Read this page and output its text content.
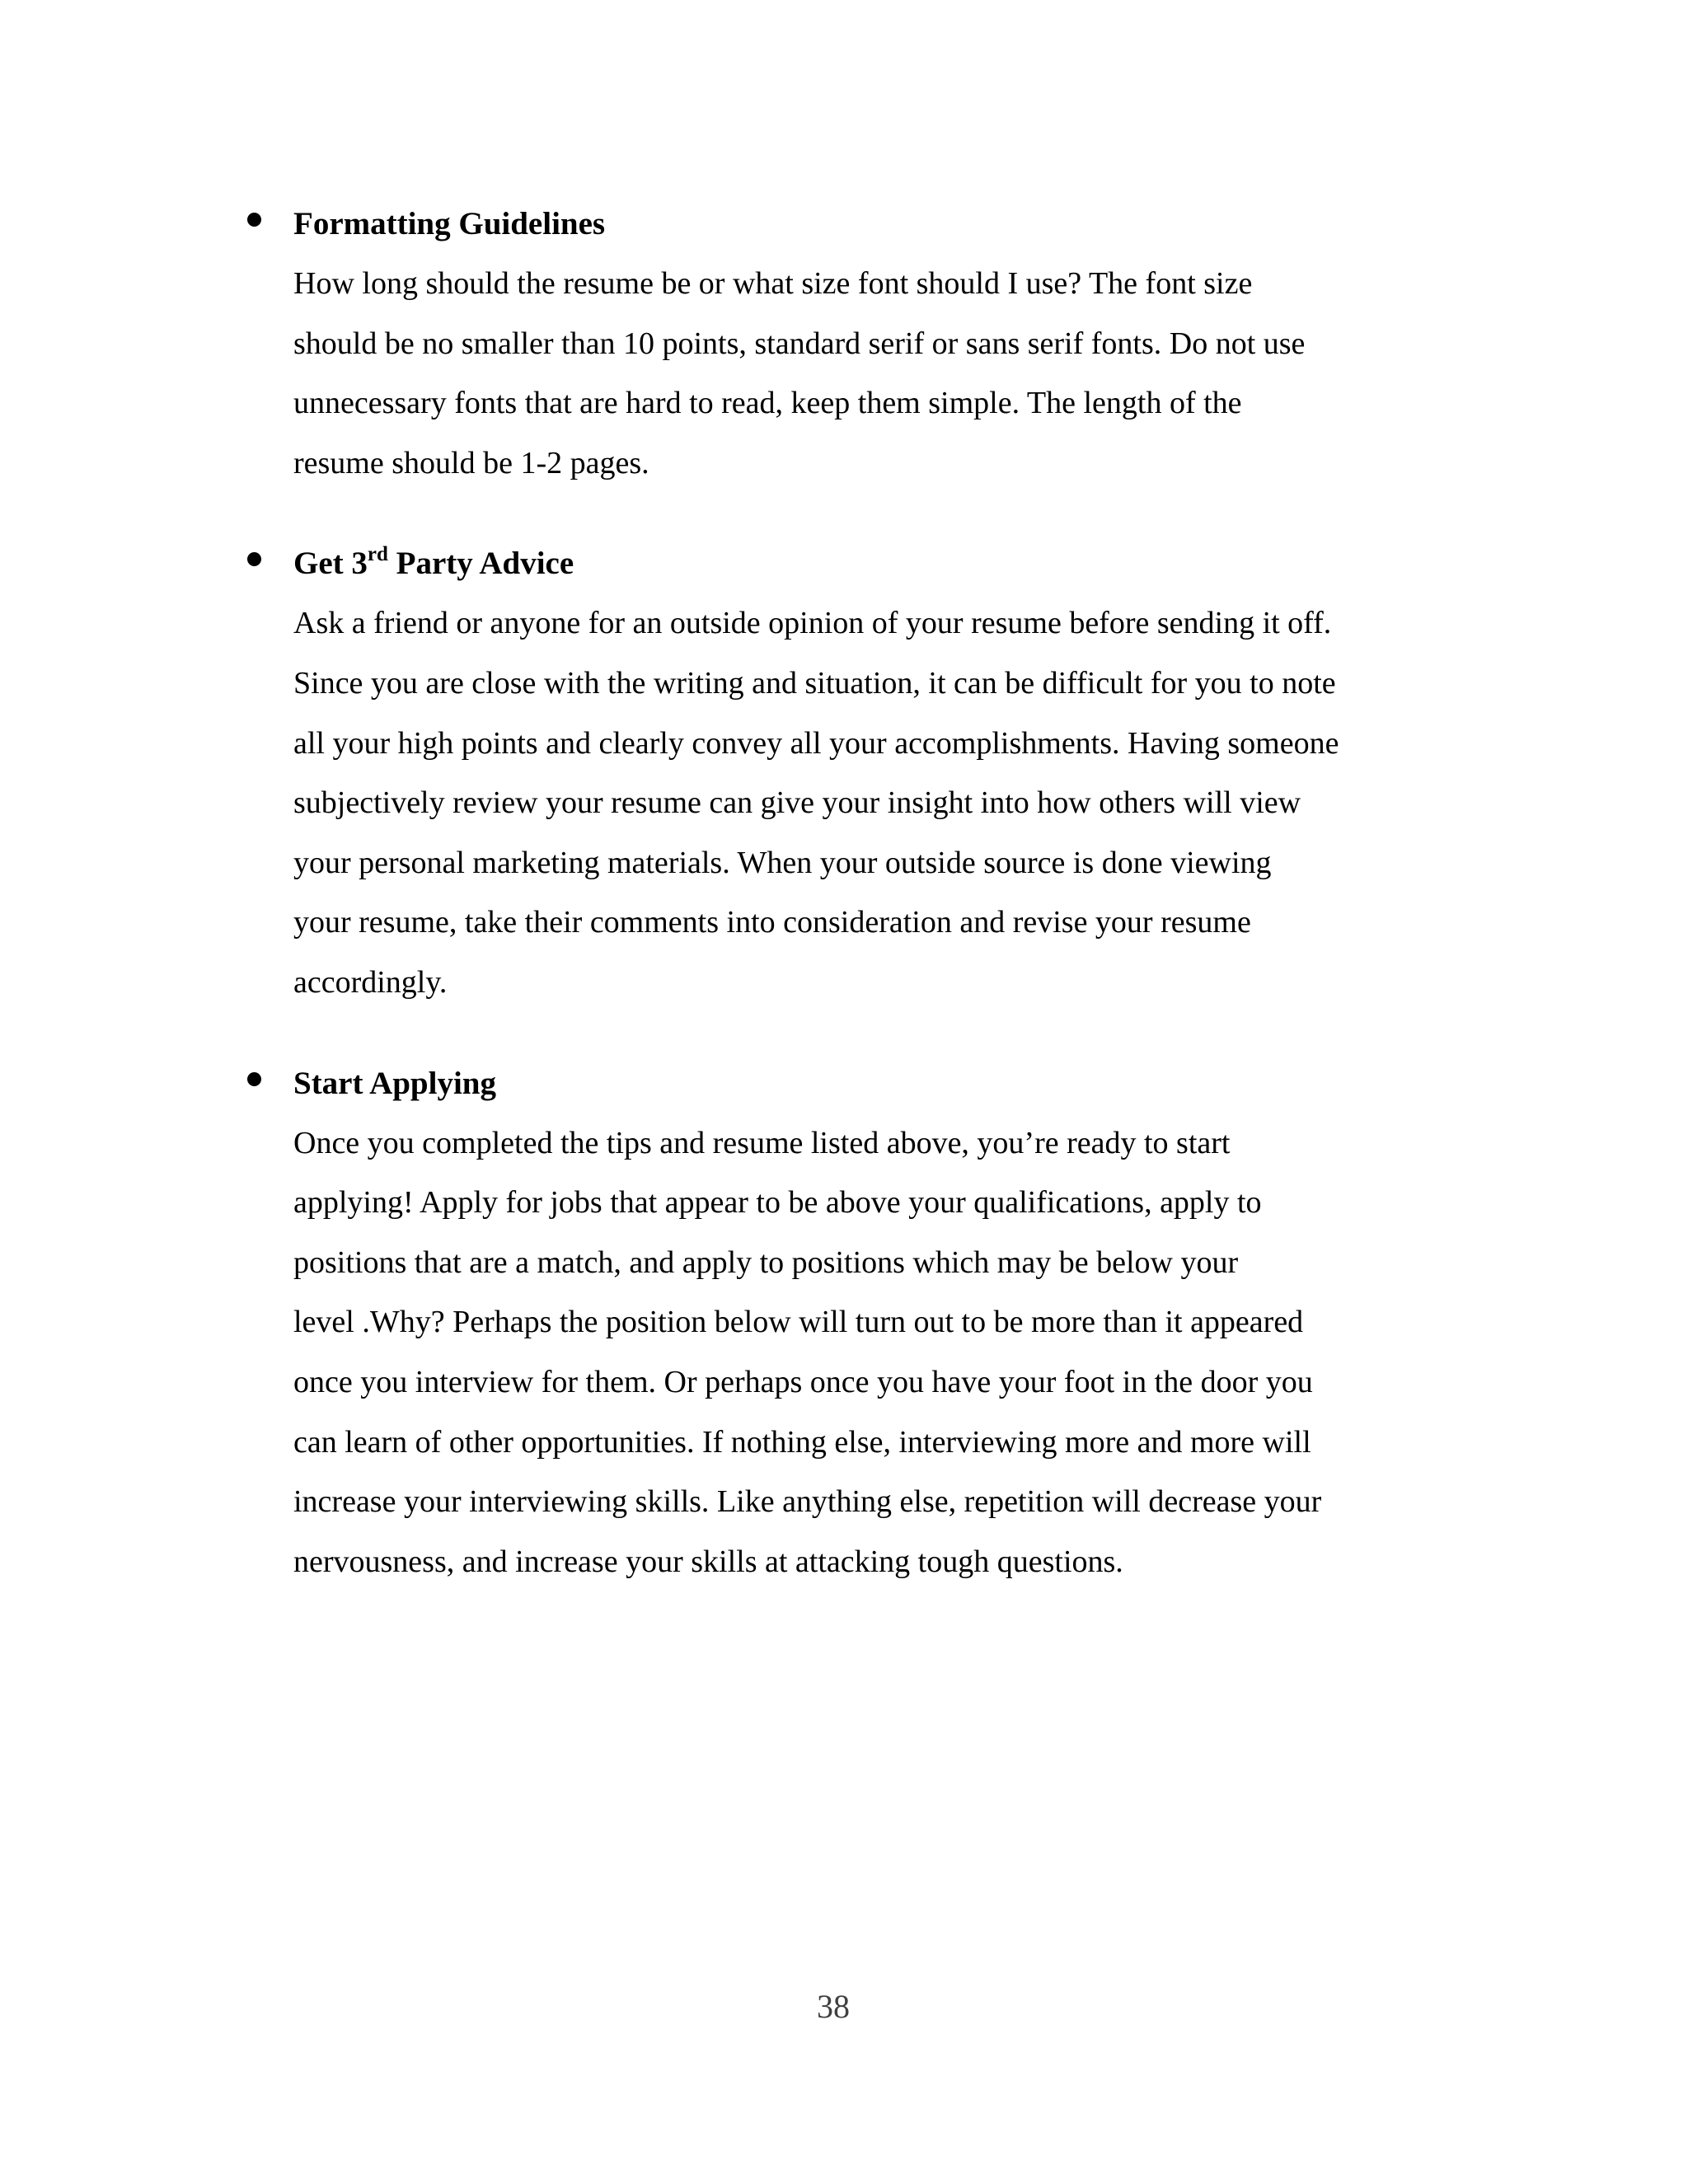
Formatting Guidelines

How long should the resume be or what size font should I use? The font size
should be no smaller than 10 points, standard serif or sans serif fonts. Do not use
unnecessary fonts that are hard to read, keep them simple. The length of the
resume should be 1-2 pages.

Get 3rd Party Advice

Ask a friend or anyone for an outside opinion of your resume before sending it off.
Since you are close with the writing and situation, it can be difficult for you to note
all your high points and clearly convey all your accomplishments. Having someone
subjectively review your resume can give your insight into how others will view
your personal marketing materials. When your outside source is done viewing
your resume, take their comments into consideration and revise your resume
accordingly.

Start Applying

Once you completed the tips and resume listed above, you’re ready to start
applying! Apply for jobs that appear to be above your qualifications, apply to
positions that are a match, and apply to positions which may be below your
level .Why? Perhaps the position below will turn out to be more than it appeared
once you interview for them. Or perhaps once you have your foot in the door you
can learn of other opportunities. If nothing else, interviewing more and more will
increase your interviewing skills. Like anything else, repetition will decrease your
nervousness, and increase your skills at attacking tough questions.

38
